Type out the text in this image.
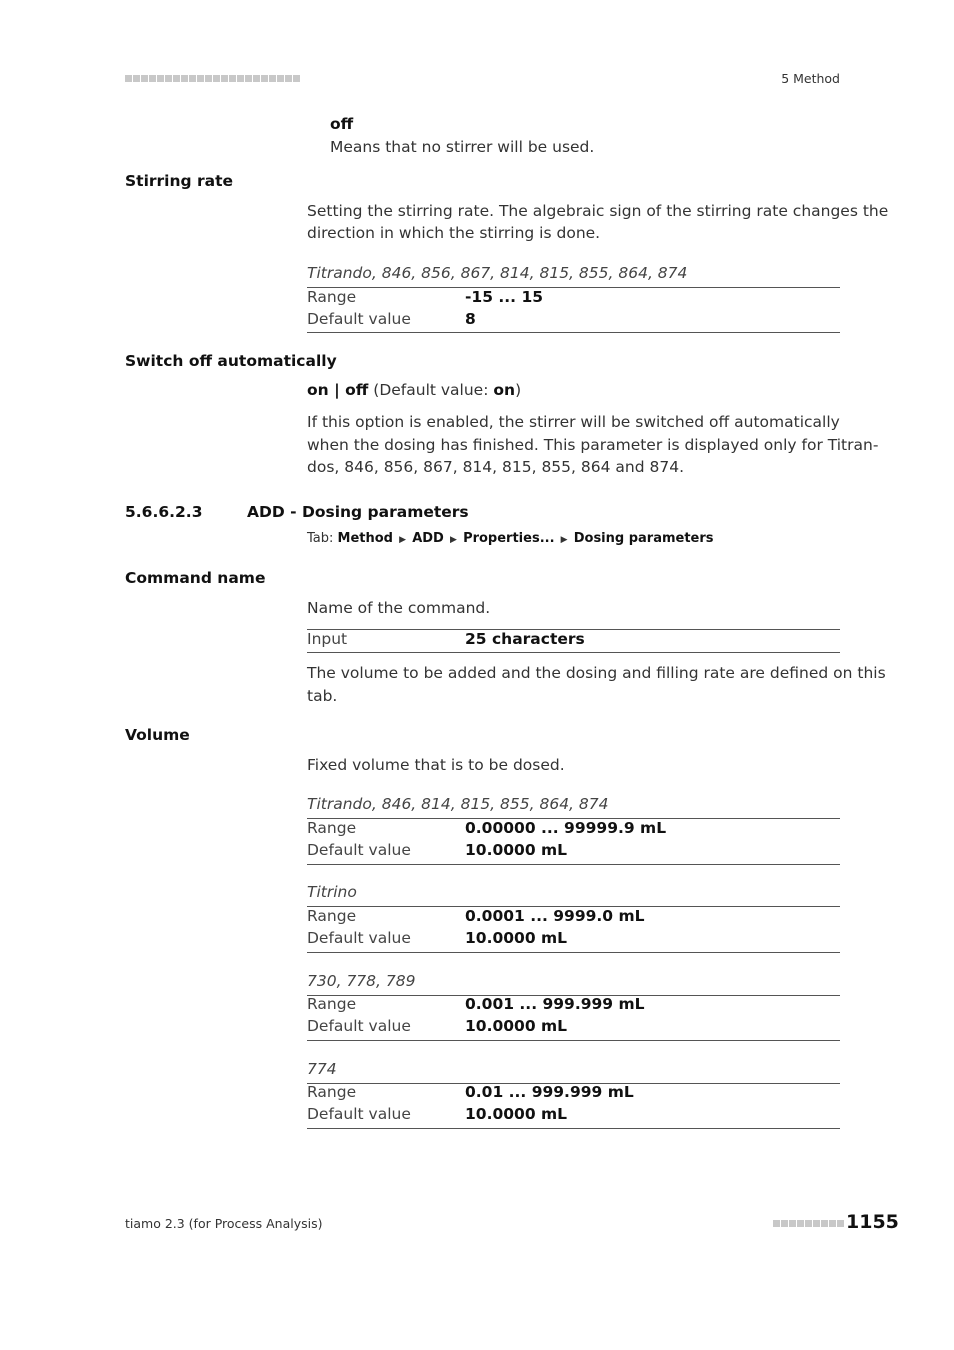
5 Method
off
Means that no stirrer will be used.
Stirring rate
Setting the stirring rate. The algebraic sign of the stirring rate changes the
direction in which the stirring is done.
Titrando, 846, 856, 867, 814, 815, 855, 864, 874
Range	-15 ... 15
Default value	8
Switch off automatically
on | off (Default value: on)
If this option is enabled, the stirrer will be switched off automatically
when the dosing has finished. This parameter is displayed only for Titran-
dos, 846, 856, 867, 814, 815, 855, 864 and 874.
5.6.6.2.3	ADD - Dosing parameters
Tab: Method ▶ ADD ▶ Properties... ▶ Dosing parameters
Command name
Name of the command.
Input	25 characters
The volume to be added and the dosing and filling rate are defined on this
tab.
Volume
Fixed volume that is to be dosed.
Titrando, 846, 814, 815, 855, 864, 874
Range	0.00000 ... 99999.9 mL
Default value	10.0000 mL
Titrino
Range	0.0001 ... 9999.0 mL
Default value	10.0000 mL
730, 778, 789
Range	0.001 ... 999.999 mL
Default value	10.0000 mL
774
Range	0.01 ... 999.999 mL
Default value	10.0000 mL
tiamo 2.3 (for Process Analysis)	1155
